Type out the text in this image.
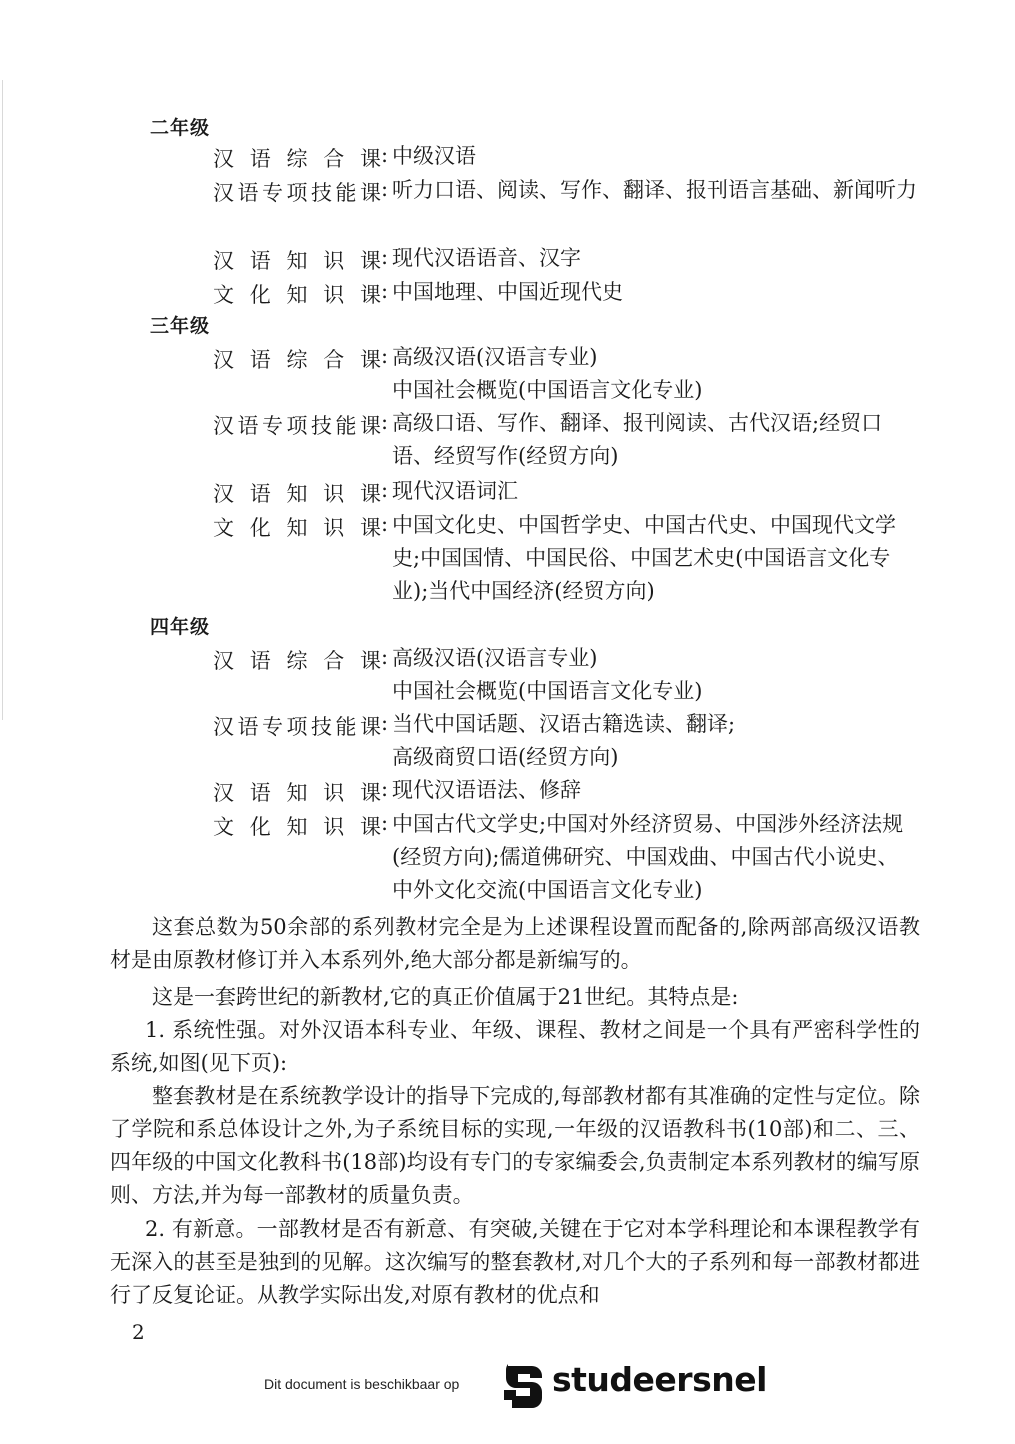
二年级
汉语综合课 : 中级汉语
汉语专项技能课 : 听力口语、阅读、写作、翻译、报刊语言基础、新闻听力
汉语知识课 : 现代汉语语音、汉字
文化知识课 : 中国地理、中国近现代史
三年级
汉语综合课 : 高级汉语(汉语言专业)
中国社会概览(中国语言文化专业)
汉语专项技能课 : 高级口语、写作、翻译、报刊阅读、古代汉语;经贸口语、经贸写作(经贸方向)
汉语知识课 : 现代汉语词汇
文化知识课 : 中国文化史、中国哲学史、中国古代史、中国现代文学史;中国国情、中国民俗、中国艺术史(中国语言文化专业);当代中国经济(经贸方向)
四年级
汉语综合课 : 高级汉语(汉语言专业)
中国社会概览(中国语言文化专业)
汉语专项技能课 : 当代中国话题、汉语古籍选读、翻译;
高级商贸口语(经贸方向)
汉语知识课 : 现代汉语语法、修辞
文化知识课 : 中国古代文学史;中国对外经济贸易、中国涉外经济法规(经贸方向);儒道佛研究、中国戏曲、中国古代小说史、中外文化交流(中国语言文化专业)
这套总数为50余部的系列教材完全是为上述课程设置而配备的,除两部高级汉语教材是由原教材修订并入本系列外,绝大部分都是新编写的。
这是一套跨世纪的新教材,它的真正价值属于21世纪。其特点是:
1. 系统性强。对外汉语本科专业、年级、课程、教材之间是一个具有严密科学性的系统,如图(见下页):
整套教材是在系统教学设计的指导下完成的,每部教材都有其准确的定性与定位。除了学院和系总体设计之外,为子系统目标的实现,一年级的汉语教科书(10部)和二、三、四年级的中国文化教科书(18部)均设有专门的专家编委会,负责制定本系列教材的编写原则、方法,并为每一部教材的质量负责。
2. 有新意。一部教材是否有新意、有突破,关键在于它对本学科理论和本课程教学有无深入的甚至是独到的见解。这次编写的整套教材,对几个大的子系列和每一部教材都进行了反复论证。从教学实际出发,对原有教材的优点和
2
Dit document is beschikbaar op	studeersnel
